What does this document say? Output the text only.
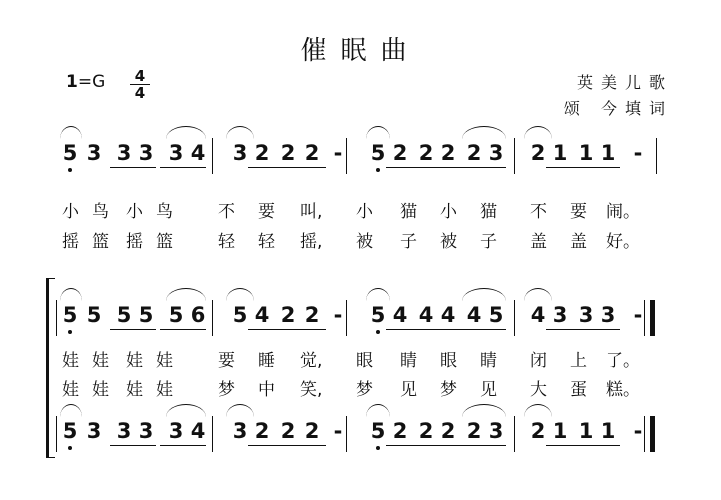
催眠曲
1=G	4
4
英美儿歌
颂 今填词
5 3 3 3 3 4 3 2 2 2 - 5 2 2 2 2 3 2 1 1 1 -
小 鸟 小 鸟	不 要 叫,	小 猫 小 猫 不 要 闹。
摇 篮 摇 篮	轻 轻 摇,	被 子 被 子 盖 盖 好。
5 5 5 5 5 6 5 4 2 2 - 5 4 4 4 4 5 4 3 3 3 -
娃 娃 娃 娃	要 睡 觉,	眼 睛 眼 睛 闭 上 了。
娃 娃 娃 娃	梦 中 笑,	梦 见 梦 见 大 蛋 糕。
5 3 3 3 3 4 3 2 2 2 - 5 2 2 2 2 3 2 1 1 1 -
